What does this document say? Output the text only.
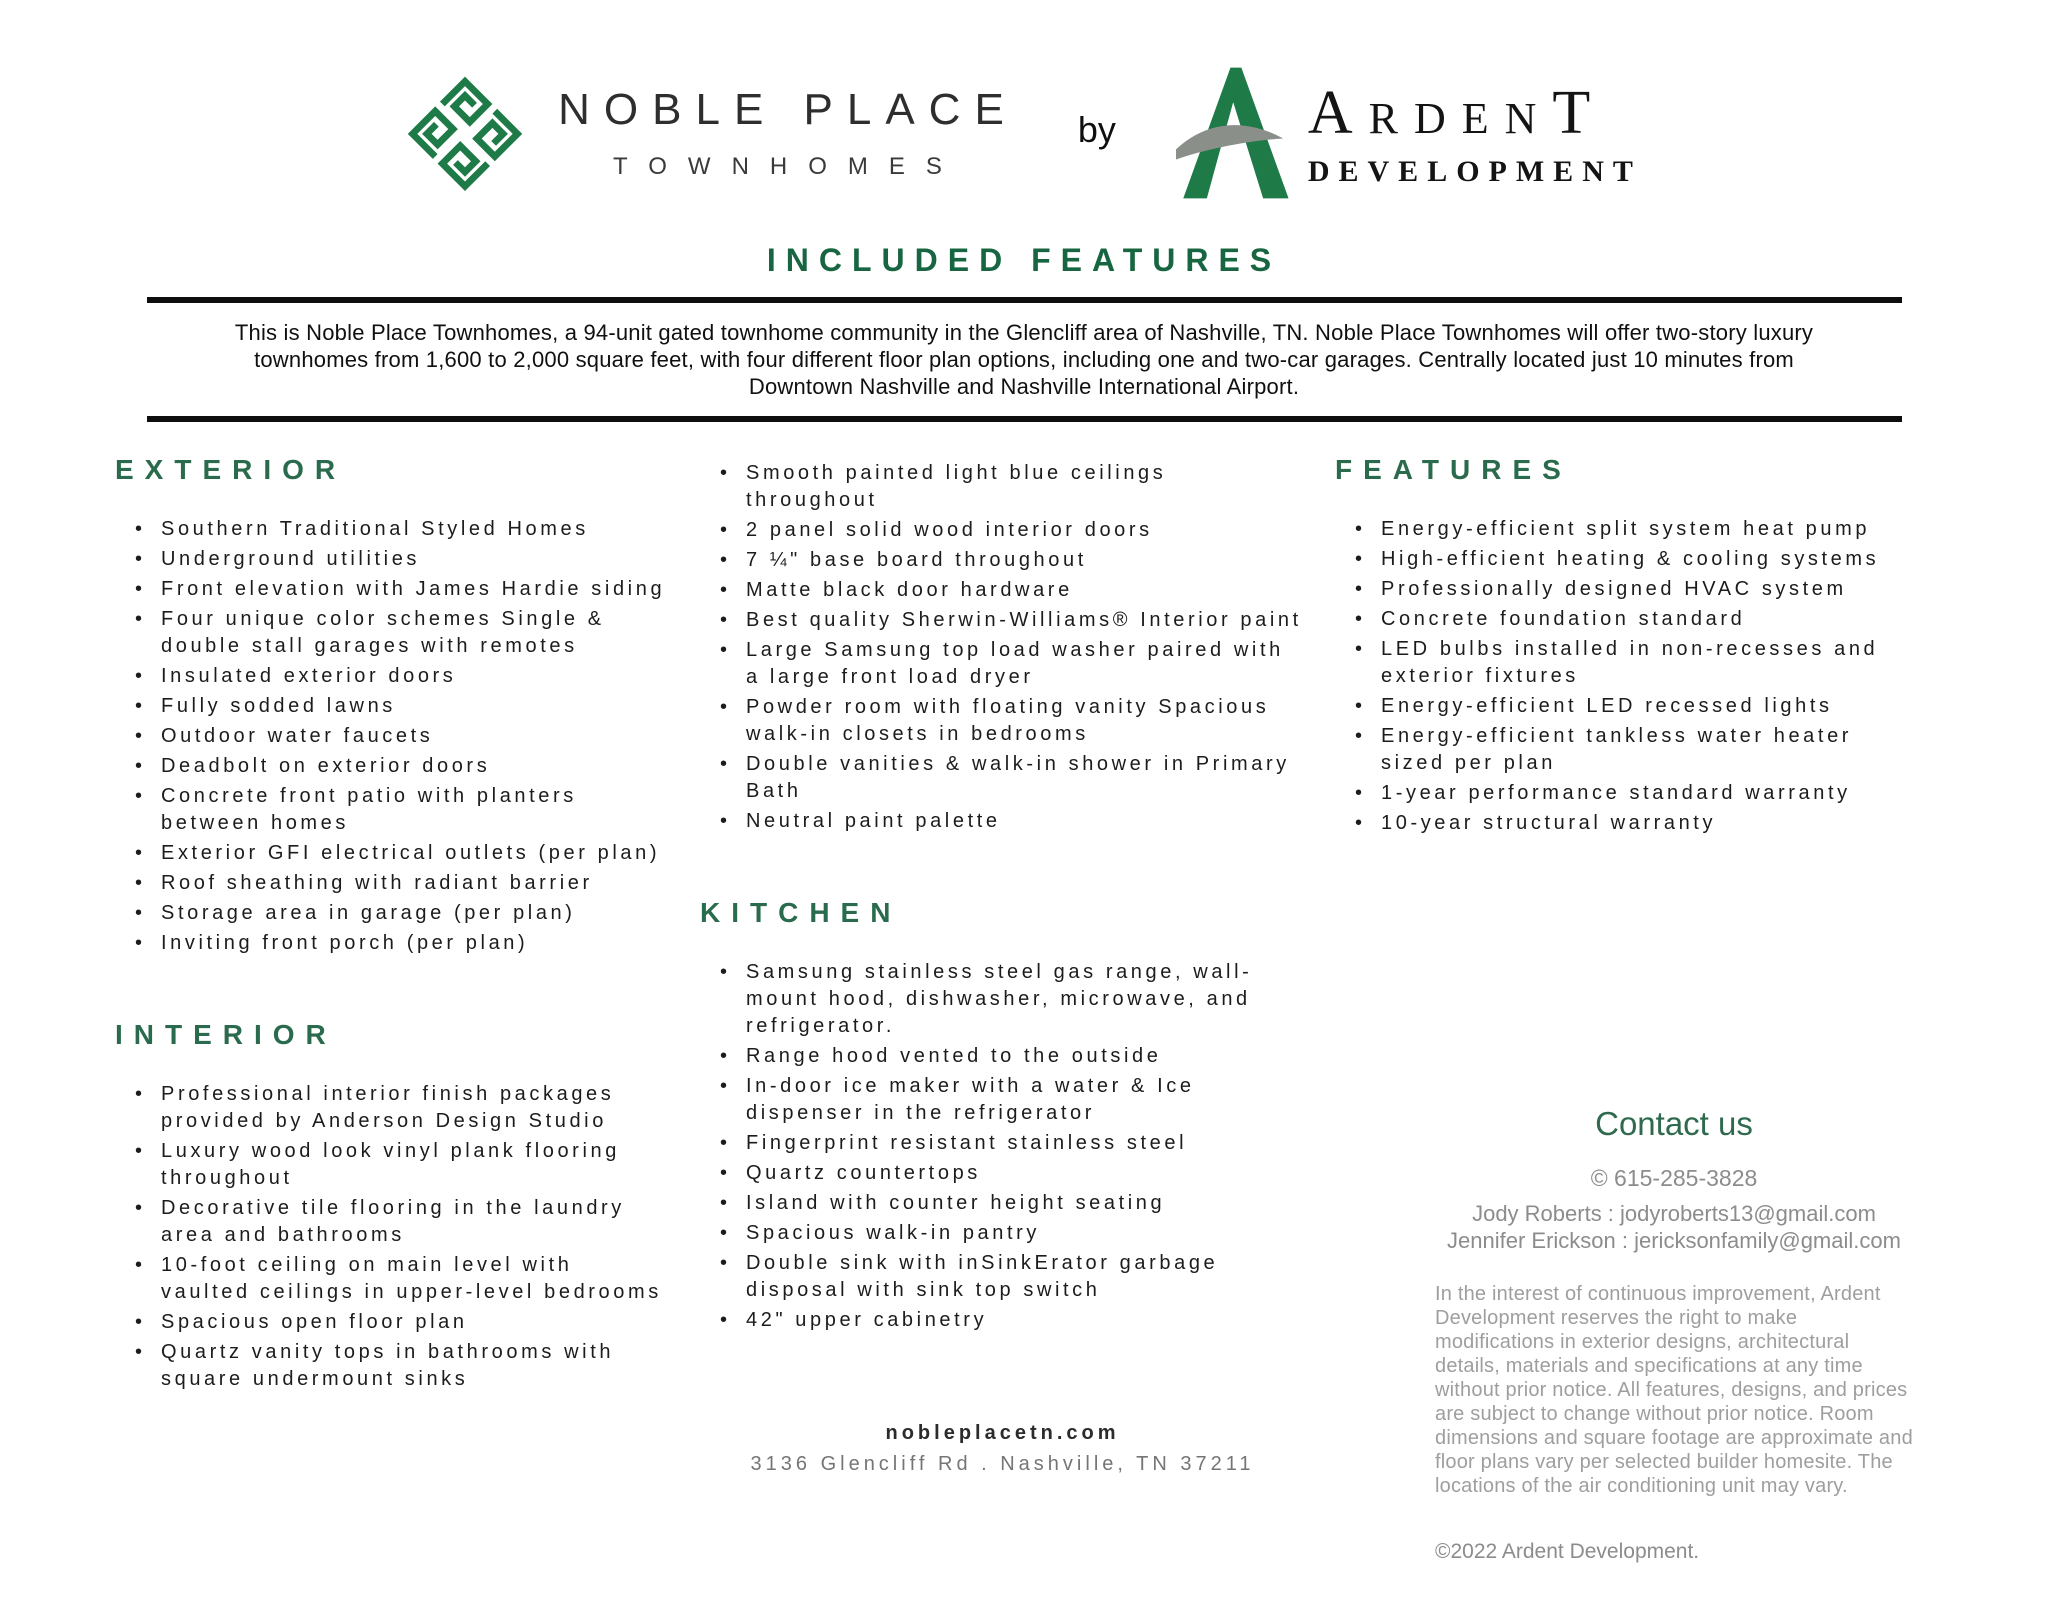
NOBLE PLACE
TOWNHOMES
by	ARDENT
DEVELOPMENT
INCLUDED FEATURES

This is Noble Place Townhomes, a 94-unit gated townhome community in the Glencliff area of Nashville, TN. Noble Place Townhomes will offer two-story luxury townhomes from 1,600 to 2,000 square feet, with four different floor plan options, including one and two-car garages. Centrally located just 10 minutes from Downtown Nashville and Nashville International Airport.

EXTERIOR
• Southern Traditional Styled Homes
• Underground utilities
• Front elevation with James Hardie siding
• Four unique color schemes Single & double stall garages with remotes
• Insulated exterior doors
• Fully sodded lawns
• Outdoor water faucets
• Deadbolt on exterior doors
• Concrete front patio with planters between homes
• Exterior GFI electrical outlets (per plan)
• Roof sheathing with radiant barrier
• Storage area in garage (per plan)
• Inviting front porch (per plan)
INTERIOR
• Professional interior finish packages provided by Anderson Design Studio
• Luxury wood look vinyl plank flooring throughout
• Decorative tile flooring in the laundry area and bathrooms
• 10-foot ceiling on main level with vaulted ceilings in upper-level bedrooms
• Spacious open floor plan
• Quartz vanity tops in bathrooms with square undermount sinks
• Smooth painted light blue ceilings throughout
• 2 panel solid wood interior doors
• 7 ¼" base board throughout
• Matte black door hardware
• Best quality Sherwin-Williams® Interior paint
• Large Samsung top load washer paired with a large front load dryer
• Powder room with floating vanity Spacious walk-in closets in bedrooms
• Double vanities & walk-in shower in Primary Bath
• Neutral paint palette
KITCHEN
• Samsung stainless steel gas range, wall-mount hood, dishwasher, microwave, and refrigerator.
• Range hood vented to the outside
• In-door ice maker with a water & Ice dispenser in the refrigerator
• Fingerprint resistant stainless steel
• Quartz countertops
• Island with counter height seating
• Spacious walk-in pantry
• Double sink with inSinkErator garbage disposal with sink top switch
• 42" upper cabinetry
nobleplacetn.com
3136 Glencliff Rd . Nashville, TN 37211
FEATURES
• Energy-efficient split system heat pump
• High-efficient heating & cooling systems
• Professionally designed HVAC system
• Concrete foundation standard
• LED bulbs installed in non-recesses and exterior fixtures
• Energy-efficient LED recessed lights
• Energy-efficient tankless water heater sized per plan
• 1-year performance standard warranty
• 10-year structural warranty
Contact us
© 615-285-3828
Jody Roberts : jodyroberts13@gmail.com
Jennifer Erickson : jericksonfamily@gmail.com

In the interest of continuous improvement, Ardent Development reserves the right to make modifications in exterior designs, architectural details, materials and specifications at any time without prior notice. All features, designs, and prices are subject to change without prior notice. Room dimensions and square footage are approximate and floor plans vary per selected builder homesite. The locations of the air conditioning unit may vary.

©2022 Ardent Development.
